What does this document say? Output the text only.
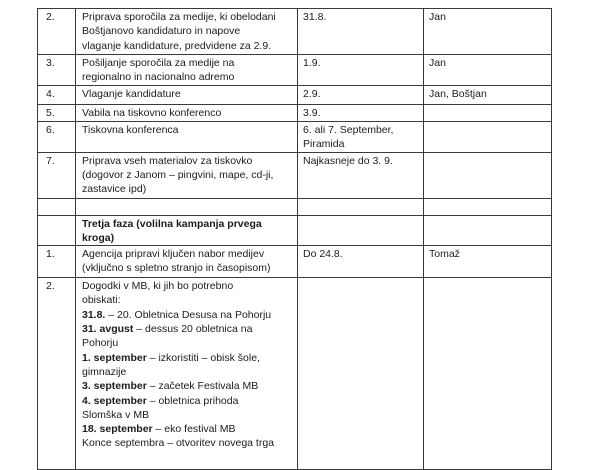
2.	Priprava sporočila za medije, ki obelodani
Boštjanovo kandidaturo in napove
vlaganje kandidature, predvidene za 2.9.	31.8.	Jan

3.	Pošiljanje sporočila za medije na
regionalno in nacionalno adremo	1.9.	Jan

4.	Vlaganje kandidature	2.9.	Jan, Boštjan

5.	Vabila na tiskovno konferenco	3.9.	

6.	Tiskovna konferenca	6. ali 7. September,
Piramida	

7.	Priprava vseh materialov za tiskovko
(dogovor z Janom – pingvini, mape, cd-ji,
zastavice ipd)	Najkasneje do 3. 9.	

	Tretja faza (volilna kampanja prvega
kroga)		

1.	Agencija pripravi ključen nabor medijev
(vključno s spletno stranjo in časopisom)	Do 24.8.	Tomaž

2.	Dogodki v MB, ki jih bo potrebno
obiskati:
31.8. – 20. Obletnica Desusa na Pohorju
31. avgust – dessus 20 obletnica na
Pohorju
1. september – izkoristiti – obisk šole,
gimnazije
3. september – začetek Festivala MB
4. september – obletnica prihoda
Slomška v MB
18. september – eko festival MB
Konce septembra – otvoritev novega trga
